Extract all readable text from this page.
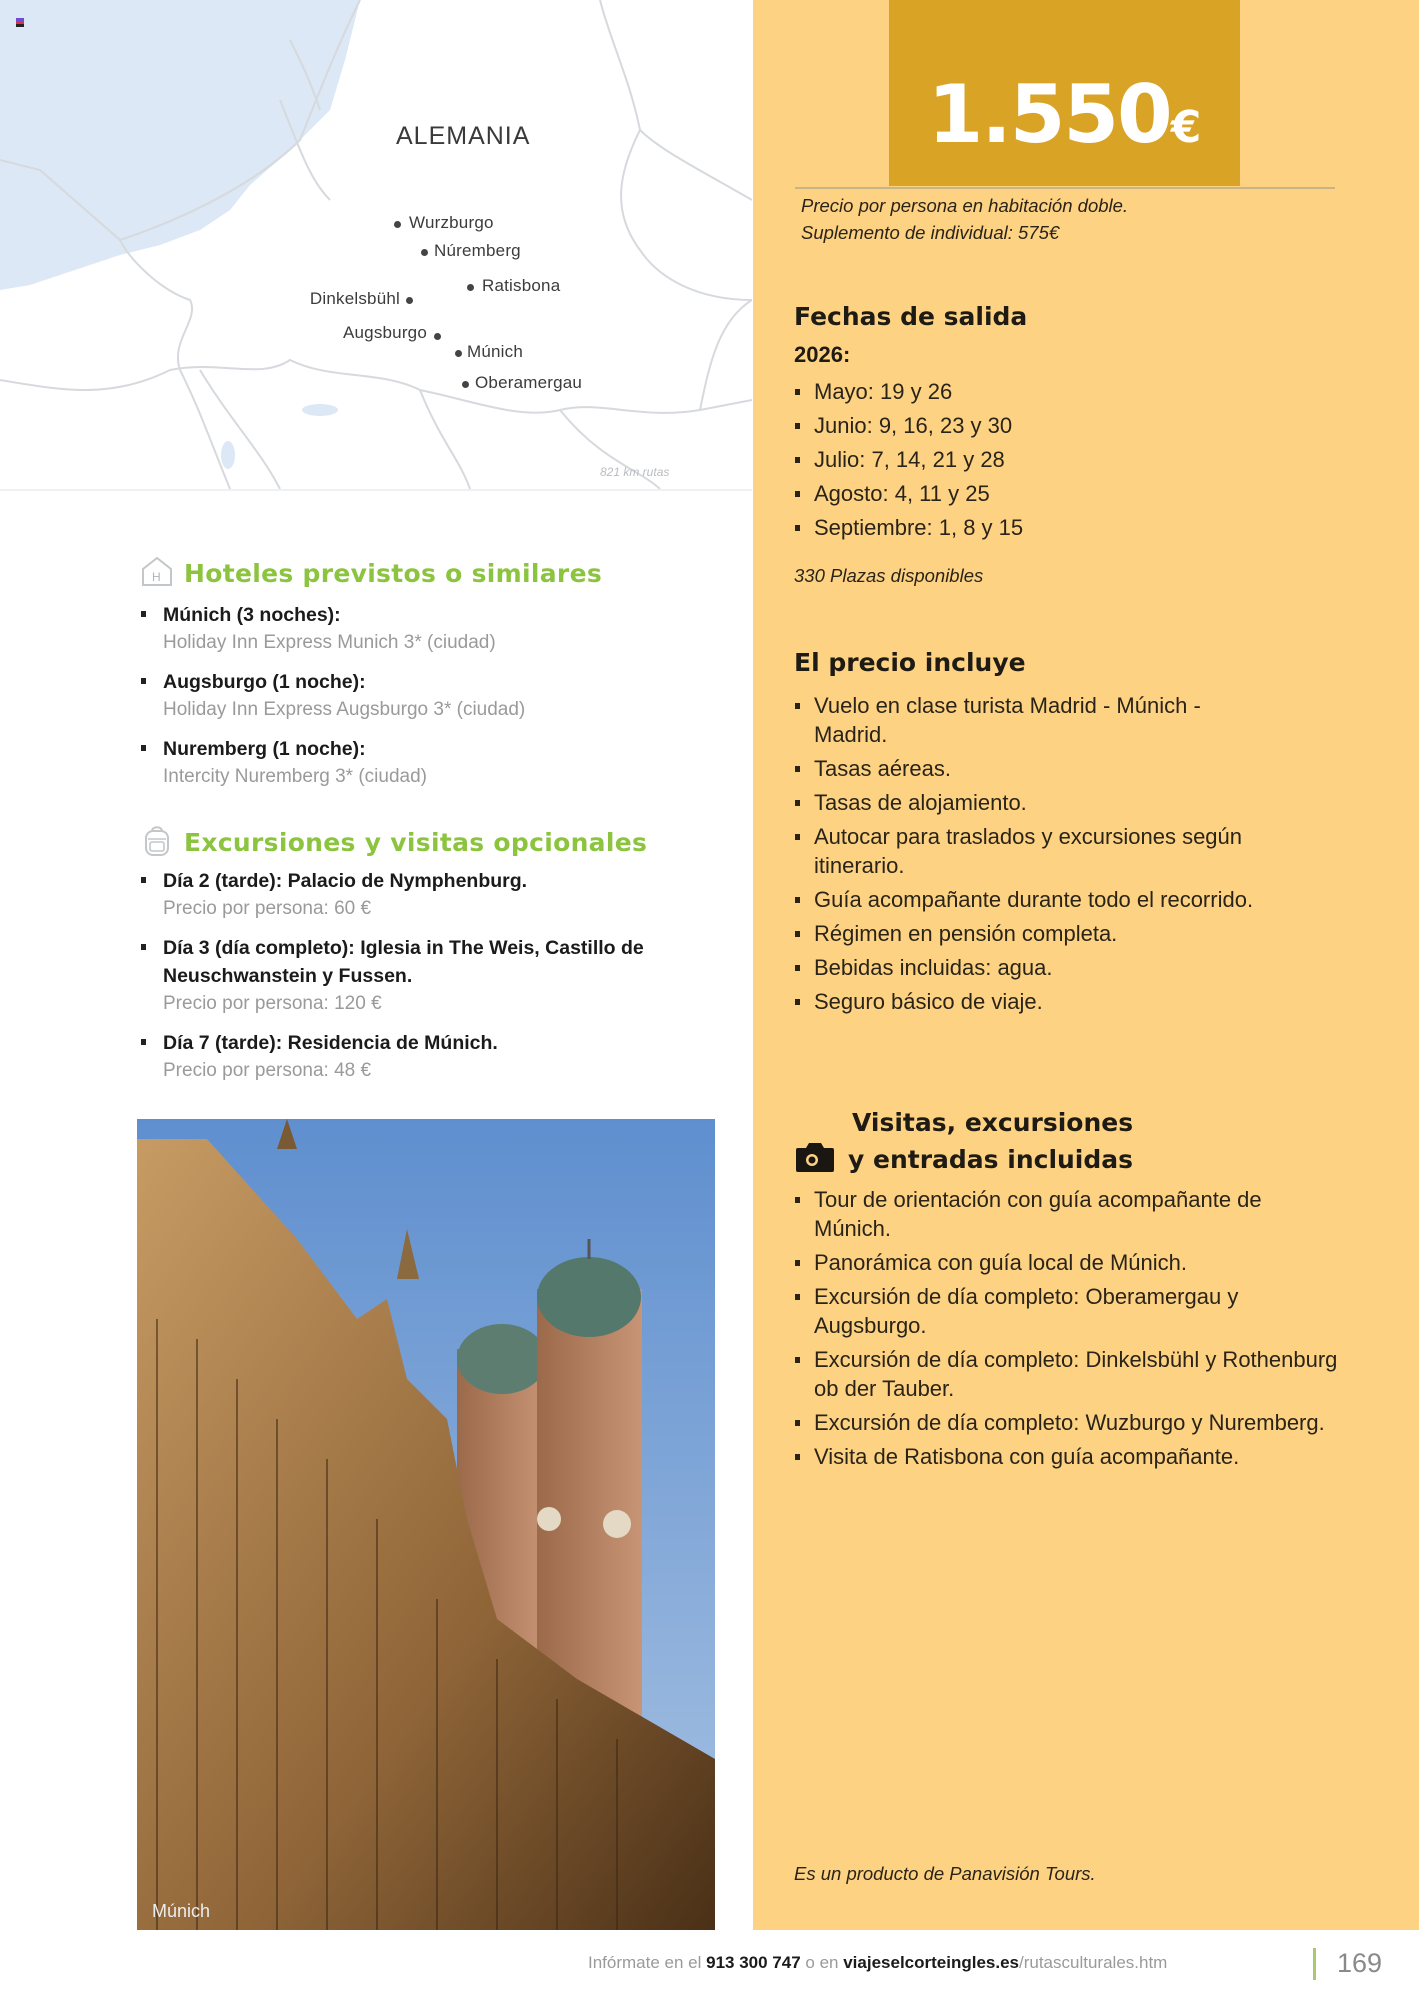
ALEMANIA
Wurzburgo
Núremberg
Ratisbona
Dinkelsbühl
Augsburgo
Múnich
Oberamergau
821 km rutas
H Hoteles previstos o similares
Múnich (3 noches):
Holiday Inn Express Munich 3* (ciudad)
Augsburgo (1 noche):
Holiday Inn Express Augsburgo 3* (ciudad)
Nuremberg (1 noche):
Intercity Nuremberg 3* (ciudad)
Excursiones y visitas opcionales
Día 2 (tarde): Palacio de Nymphenburg.
Precio por persona: 60 €
Día 3 (día completo): Iglesia in The Weis, Castillo de Neuschwanstein y Fussen.
Precio por persona: 120 €
Día 7 (tarde): Residencia de Múnich.
Precio por persona: 48 €
Múnich
1.550€
Precio por persona en habitación doble.
Suplemento de individual: 575€
Fechas de salida
2026:
Mayo: 19 y 26
Junio: 9, 16, 23 y 30
Julio: 7, 14, 21 y 28
Agosto: 4, 11 y 25
Septiembre: 1, 8 y 15
330 Plazas disponibles
El precio incluye
Vuelo en clase turista Madrid - Múnich - Madrid.
Tasas aéreas.
Tasas de alojamiento.
Autocar para traslados y excursiones según itinerario.
Guía acompañante durante todo el recorrido.
Régimen en pensión completa.
Bebidas incluidas: agua.
Seguro básico de viaje.
Visitas, excursiones
y entradas incluidas
Tour de orientación con guía acompañante de Múnich.
Panorámica con guía local de Múnich.
Excursión de día completo: Oberamergau y Augsburgo.
Excursión de día completo: Dinkelsbühl y Rothenburg ob der Tauber.
Excursión de día completo: Wuzburgo y Nuremberg.
Visita de Ratisbona con guía acompañante.
Es un producto de Panavisión Tours.
Infórmate en el 913 300 747 o en viajeselcorteingles.es/rutasculturales.htm	169
